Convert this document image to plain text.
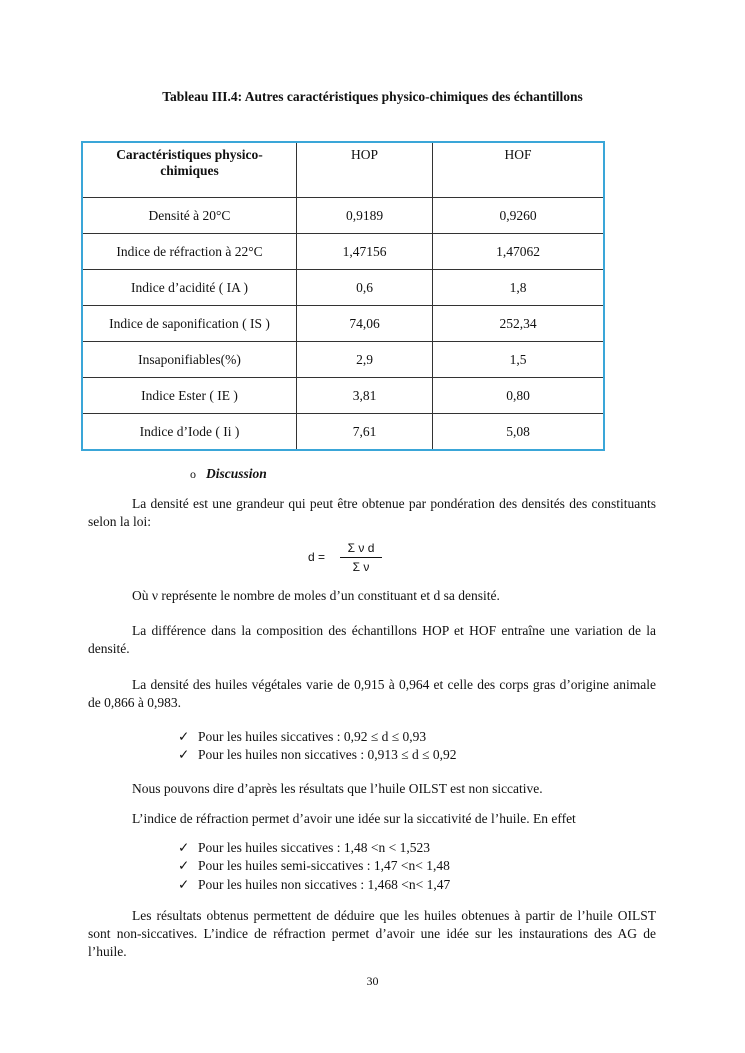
Tableau III.4: Autres caractéristiques physico-chimiques des échantillons
Caractéristiques physico-chimiques	HOP	HOF
Densité à 20°C	0,9189	0,9260
Indice de réfraction à 22°C	1,47156	1,47062
Indice d’acidité ( IA )	0,6	1,8
Indice de saponification ( IS )	74,06	252,34
Insaponifiables(%)	2,9	1,5
Indice Ester ( IE )	3,81	0,80
Indice d’Iode ( Ii )	7,61	5,08
o Discussion
La densité est une grandeur qui peut être obtenue par pondération des densités des constituants selon la loi:
$d = \frac{\text{Σ ν d}}{\text{Σ ν}}$
Où ν représente le nombre de moles d’un constituant et d sa densité.
La différence dans la composition des échantillons HOP et HOF entraîne une variation de la densité.
La densité des huiles végétales varie de 0,915 à 0,964 et celle des corps gras d’origine animale de 0,866 à 0,983.
✓ Pour les huiles siccatives : 0,92 ≤ d ≤ 0,93
✓ Pour les huiles non siccatives : 0,913 ≤ d ≤ 0,92
Nous pouvons dire d’après les résultats que l’huile OILST est non siccative.
L’indice de réfraction permet d’avoir une idée sur la siccativité de l’huile. En effet
✓ Pour les huiles siccatives : 1,48 <n < 1,523
✓ Pour les huiles semi-siccatives : 1,47 <n< 1,48
✓ Pour les huiles non siccatives : 1,468 <n< 1,47
Les résultats obtenus permettent de déduire que les huiles obtenues à partir de l’huile OILST sont non-siccatives. L’indice de réfraction permet d’avoir une idée sur les instaurations des AG de l’huile.
30
